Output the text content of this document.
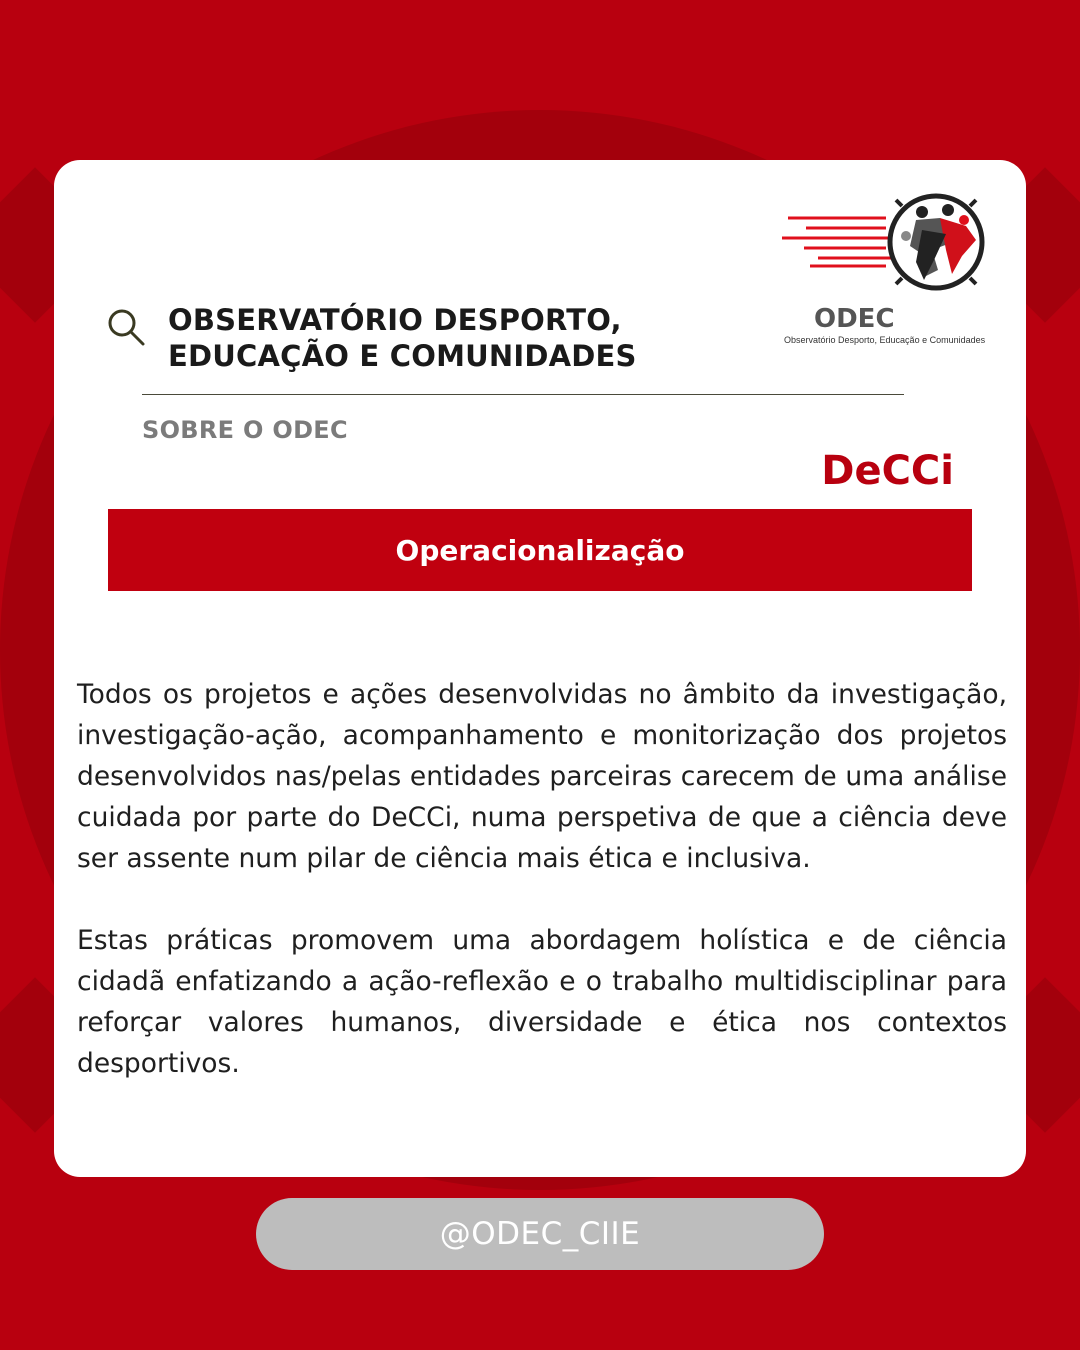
OBSERVATÓRIO DESPORTO,
EDUCAÇÃO E COMUNIDADES
SOBRE O ODEC
ODEC
Observatório Desporto, Educação e Comunidades
DeCCi
Operacionalização

Todos os projetos e ações desenvolvidas no âmbito da investigação, investigação-ação, acompanhamento e monitorização dos projetos desenvolvidos nas/pelas entidades parceiras carecem de uma análise cuidada por parte do DeCCi, numa perspetiva de que a ciência deve ser assente num pilar de ciência mais ética e inclusiva.

Estas práticas promovem uma abordagem holística e de ciência cidadã enfatizando a ação-reflexão e o trabalho multidisciplinar para reforçar valores humanos, diversidade e ética nos contextos desportivos.

@ODEC_CIIE
